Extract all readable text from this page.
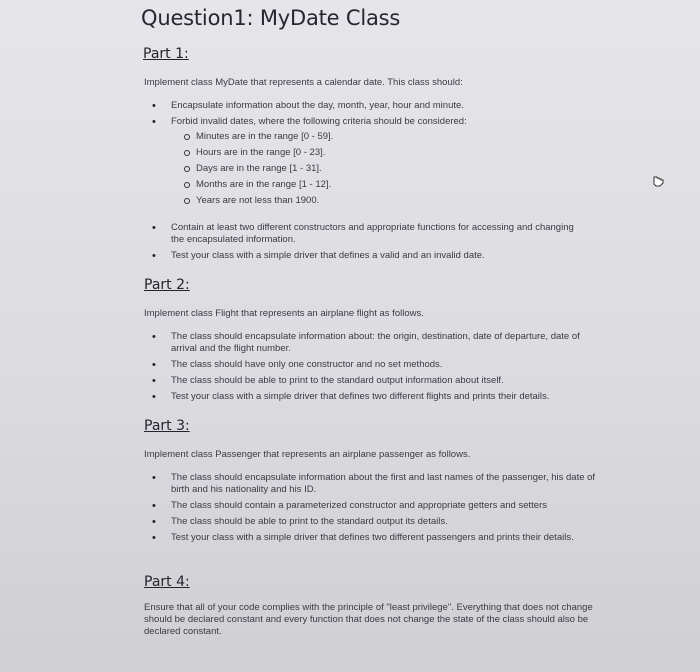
Question1: MyDate Class
Part 1:
Implement class MyDate that represents a calendar date. This class should:
• Encapsulate information about the day, month, year, hour and minute.
• Forbid invalid dates, where the following criteria should be considered:
Minutes are in the range [0 - 59].
Hours are in the range [0 - 23].
Days are in the range [1 - 31].
Months are in the range [1 - 12].
Years are not less than 1900.
• Contain at least two different constructors and appropriate functions for accessing and changing the encapsulated information.
• Test your class with a simple driver that defines a valid and an invalid date.
Part 2:
Implement class Flight that represents an airplane flight as follows.
• The class should encapsulate information about: the origin, destination, date of departure, date of arrival and the flight number.
• The class should have only one constructor and no set methods.
• The class should be able to print to the standard output information about itself.
• Test your class with a simple driver that defines two different flights and prints their details.
Part 3:
Implement class Passenger that represents an airplane passenger as follows.
• The class should encapsulate information about the first and last names of the passenger, his date of birth and his nationality and his ID.
• The class should contain a parameterized constructor and appropriate getters and setters
• The class should be able to print to the standard output its details.
• Test your class with a simple driver that defines two different passengers and prints their details.
Part 4:
Ensure that all of your code complies with the principle of "least privilege". Everything that does not change should be declared constant and every function that does not change the state of the class should also be declared constant.
